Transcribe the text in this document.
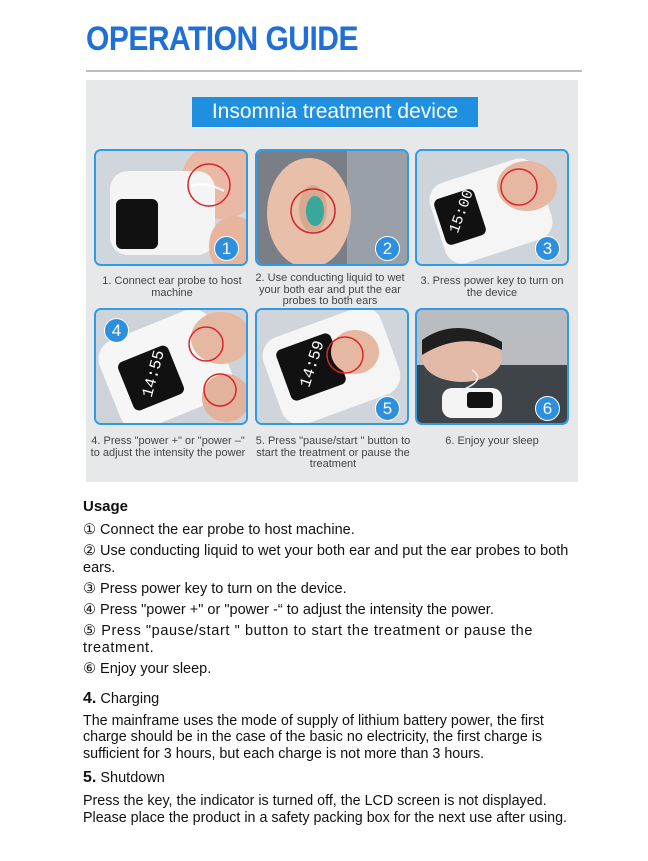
OPERATION GUIDE
Insomnia treatment device
1	2
15:00
3
1. Connect ear probe to host machine
2. Use conducting liquid to wet your both ear and put the ear probes to both ears
3. Press power key to turn on the device
14:55
4
14:59
5	6
4. Press "power +" or "power –" to adjust the intensity the power
5. Press "pause/start " button to start the treatment or pause the treatment
6. Enjoy your sleep
Usage
① Connect the ear probe to host machine.
② Use conducting liquid to wet your both ear and put the ear probes to both ears.
③ Press power key to turn on the device.
④ Press "power +" or "power -“ to adjust the intensity the power.
⑤ Press "pause/start " button to start the treatment or pause the treatment.
⑥ Enjoy your sleep.
4. Charging
The mainframe uses the mode of supply of lithium battery power, the first charge should be in the case of the basic no electricity, the first charge is sufficient for 3 hours, but each charge is not more than 3 hours.
5. Shutdown
Press the key, the indicator is turned off, the LCD screen is not displayed.
Please place the product in a safety packing box for the next use after using.
